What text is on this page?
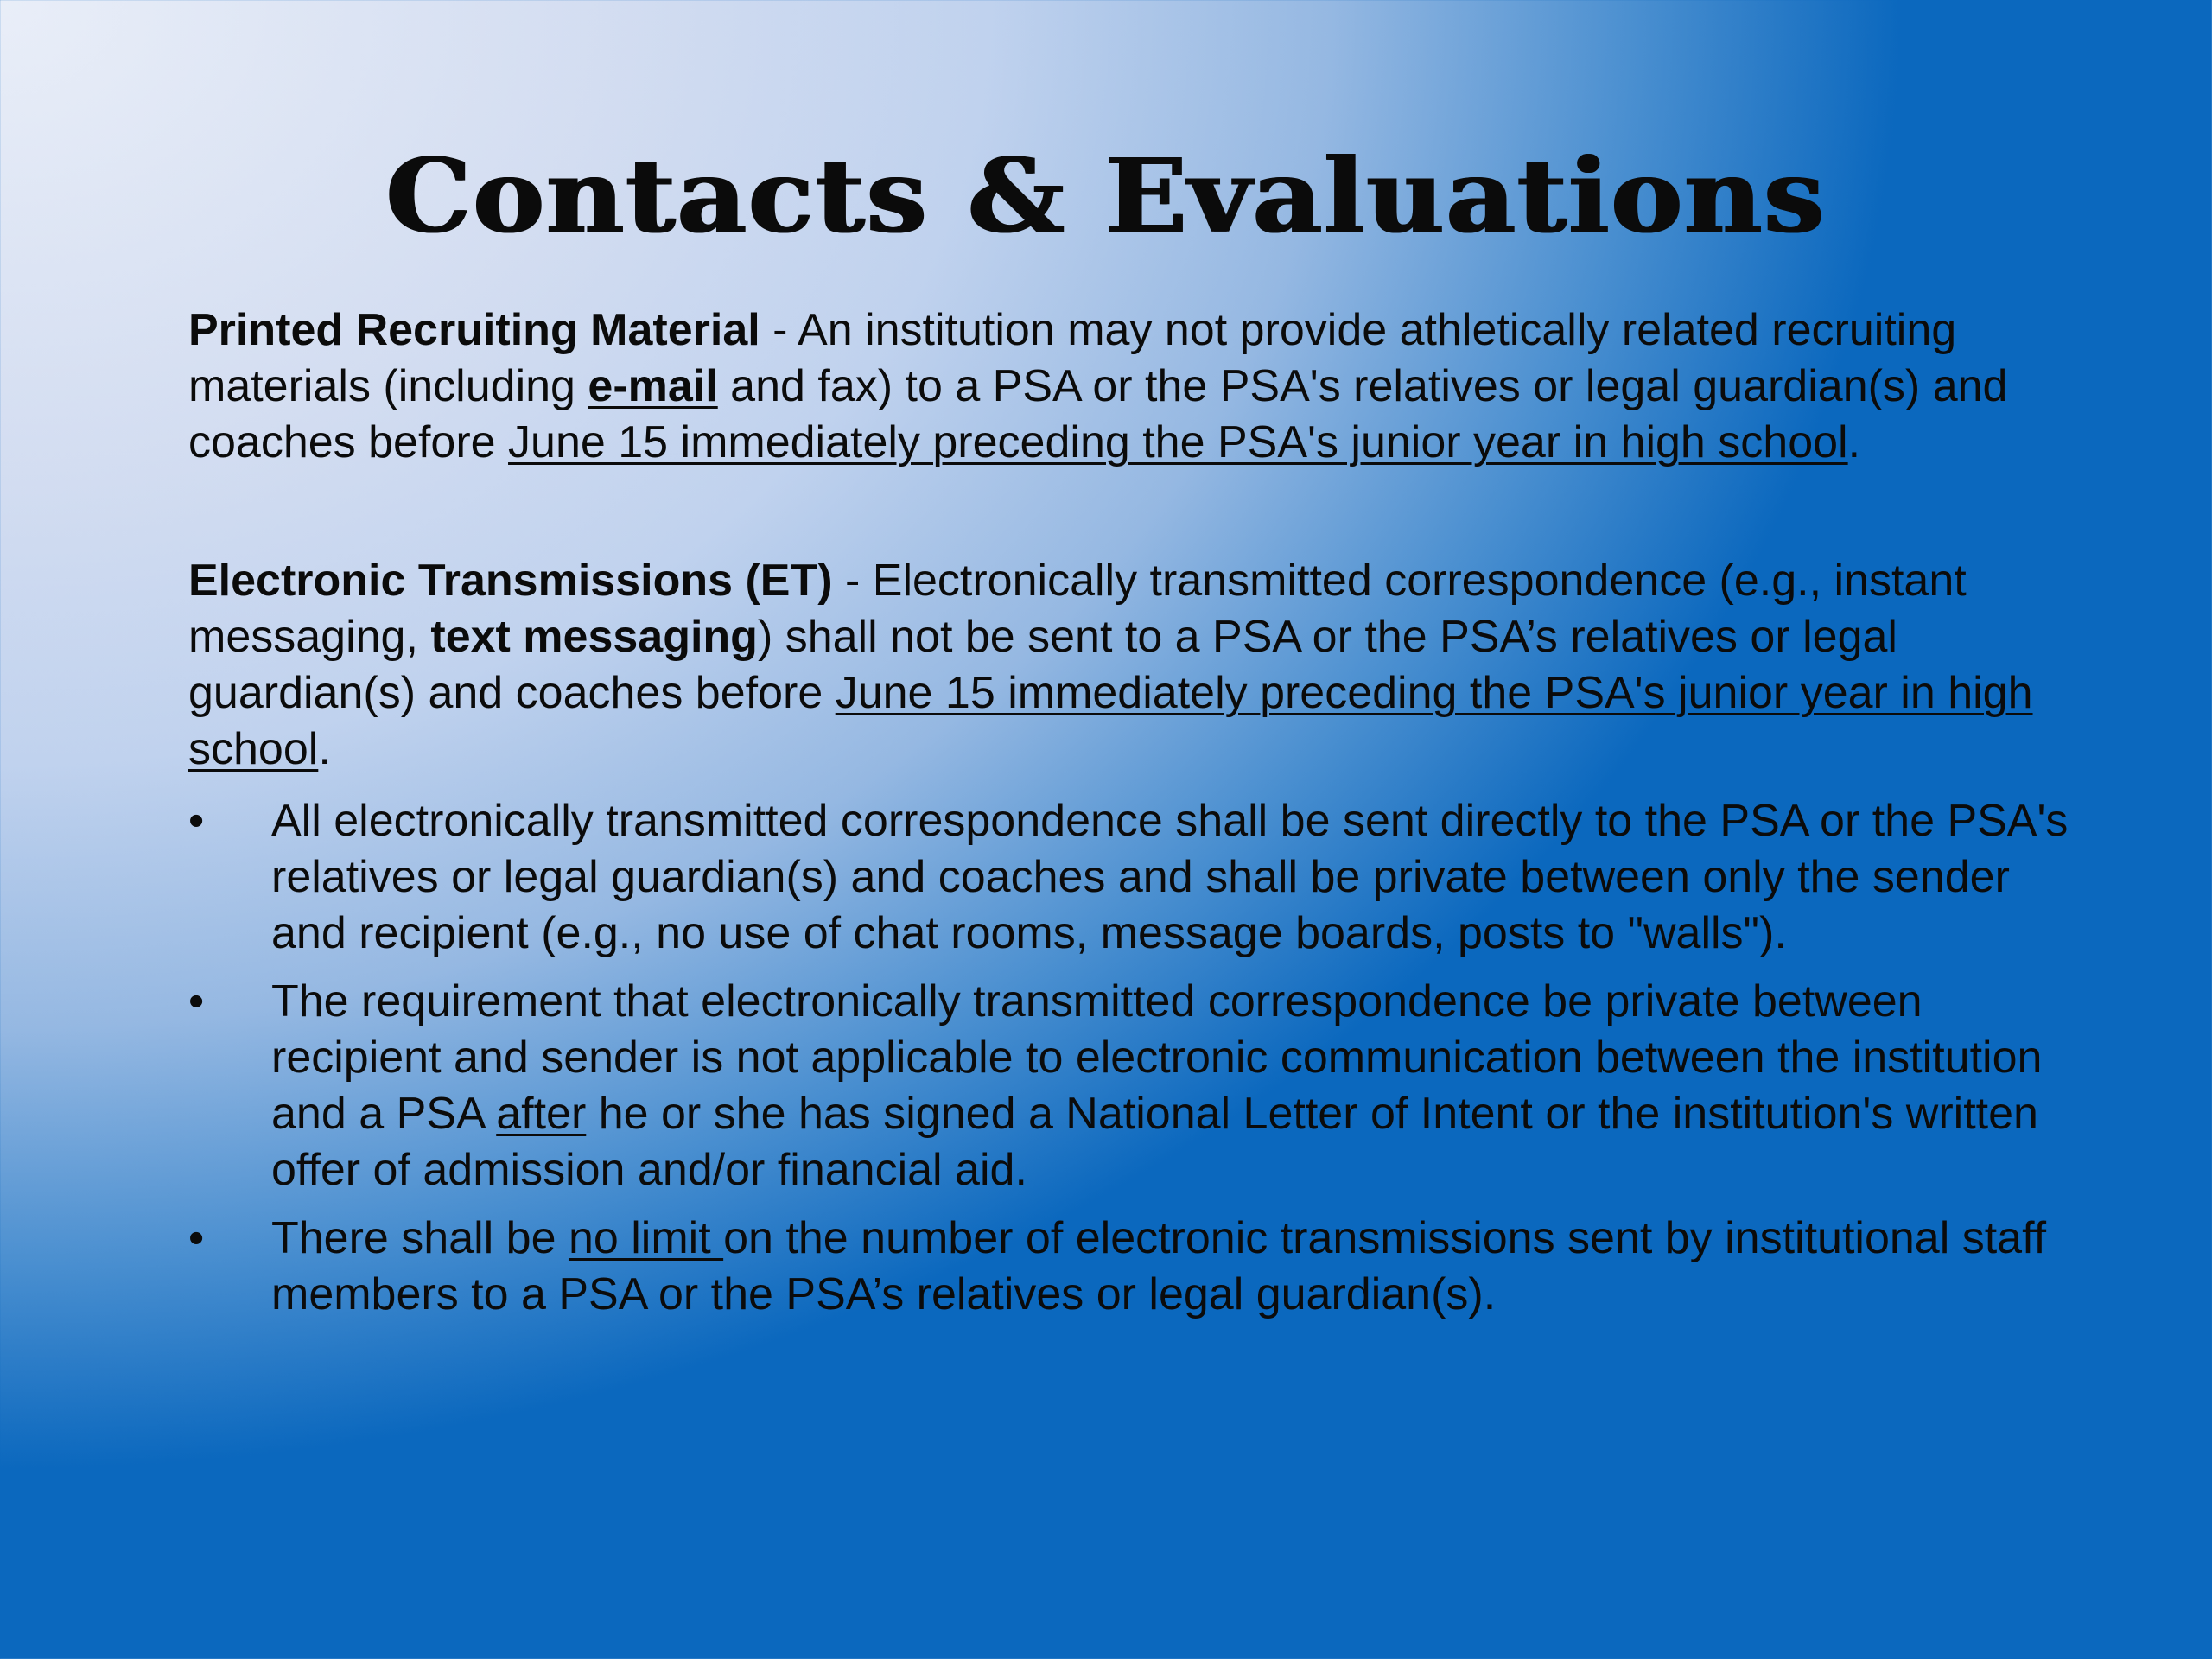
Contacts & Evaluations

Printed Recruiting Material - An institution may not provide athletically related recruiting materials (including e-mail and fax) to a PSA or the PSA's relatives or legal guardian(s) and coaches before June 15 immediately preceding the PSA's junior year in high school.

Electronic Transmissions (ET) - Electronically transmitted correspondence (e.g., instant messaging, text messaging) shall not be sent to a PSA or the PSA’s relatives or legal guardian(s) and coaches before June 15 immediately preceding the PSA's junior year in high school.

•	All electronically transmitted correspondence shall be sent directly to the PSA or the PSA's relatives or legal guardian(s) and coaches and shall be private between only the sender and recipient (e.g., no use of chat rooms, message boards, posts to "walls").
•	The requirement that electronically transmitted correspondence be private between recipient and sender is not applicable to electronic communication between the institution and a PSA after he or she has signed a National Letter of Intent or the institution's written offer of admission and/or financial aid.
•	There shall be no limit on the number of electronic transmissions sent by institutional staff members to a PSA or the PSA’s relatives or legal guardian(s).
